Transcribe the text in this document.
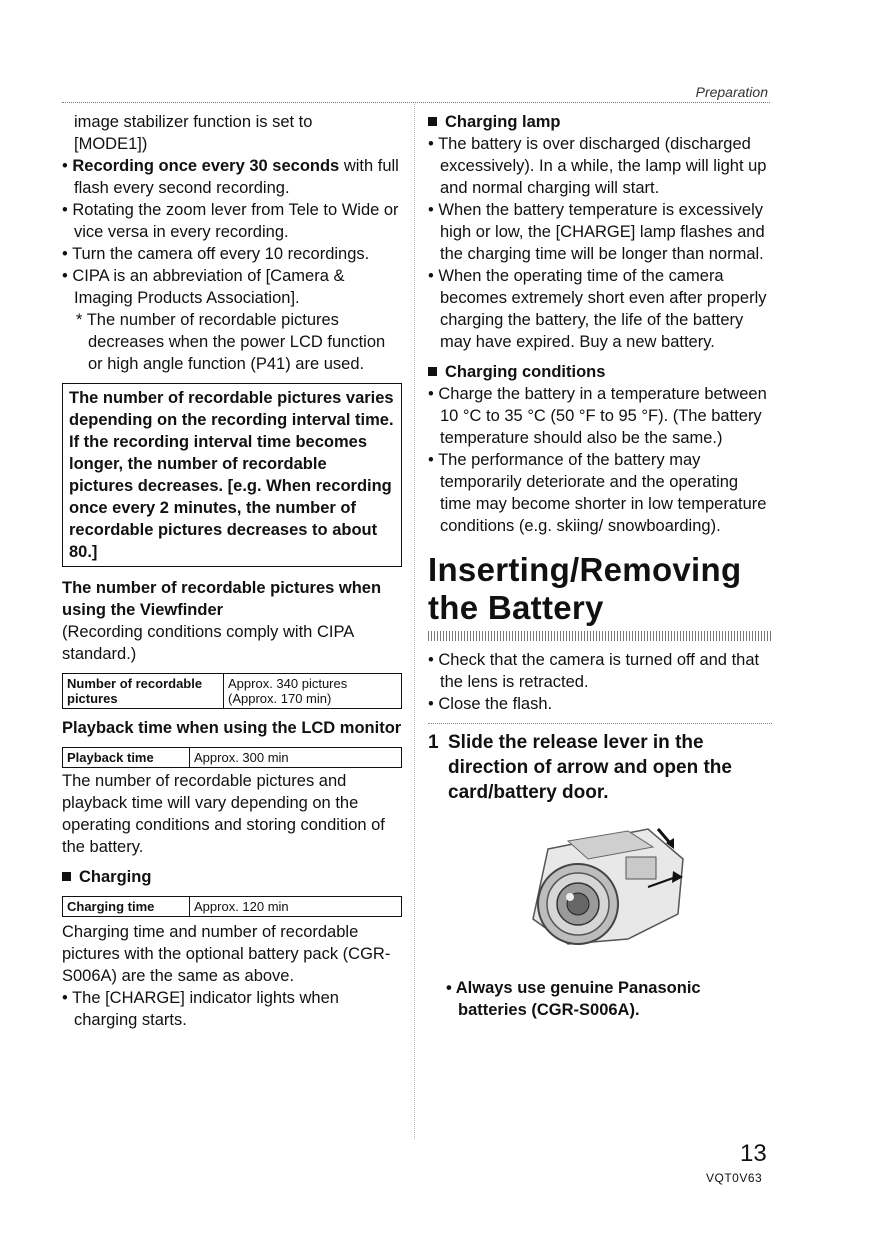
Preparation

image stabilizer function is set to

[MODE1])

• Recording once every 30 seconds with full flash every second recording.

• Rotating the zoom lever from Tele to Wide or vice versa in every recording.

• Turn the camera off every 10 recordings.

• CIPA is an abbreviation of [Camera & Imaging Products Association].

* The number of recordable pictures decreases when the power LCD function or high angle function (P41) are used.

The number of recordable pictures varies depending on the recording interval time. If the recording interval time becomes longer, the number of recordable pictures decreases. [e.g. When recording once every 2 minutes, the number of recordable pictures decreases to about 80.]

The number of recordable pictures when using the Viewfinder

(Recording conditions comply with CIPA standard.)

Number of recordable pictures	Approx. 340 pictures
(Approx. 170 min)

Playback time when using the LCD monitor

Playback time	Approx. 300 min

The number of recordable pictures and playback time will vary depending on the operating conditions and storing condition of the battery.

Charging

Charging time	Approx. 120 min

Charging time and number of recordable pictures with the optional battery pack (CGR-S006A) are the same as above.

• The [CHARGE] indicator lights when charging starts.

Charging lamp

• The battery is over discharged (discharged excessively). In a while, the lamp will light up and normal charging will start.

• When the battery temperature is excessively high or low, the [CHARGE] lamp flashes and the charging time will be longer than normal.

• When the operating time of the camera becomes extremely short even after properly charging the battery, the life of the battery may have expired. Buy a new battery.

Charging conditions

• Charge the battery in a temperature between 10 °C to 35 °C (50 °F to 95 °F). (The battery temperature should also be the same.)

• The performance of the battery may temporarily deteriorate and the operating time may become shorter in low temperature conditions (e.g. skiing/ snowboarding).

Inserting/Removing
the Battery

• Check that the camera is turned off and that the lens is retracted.

• Close the flash.

1 Slide the release lever in the direction of arrow and open the card/battery door.

• Always use genuine Panasonic batteries (CGR-S006A).

13
VQT0V63
